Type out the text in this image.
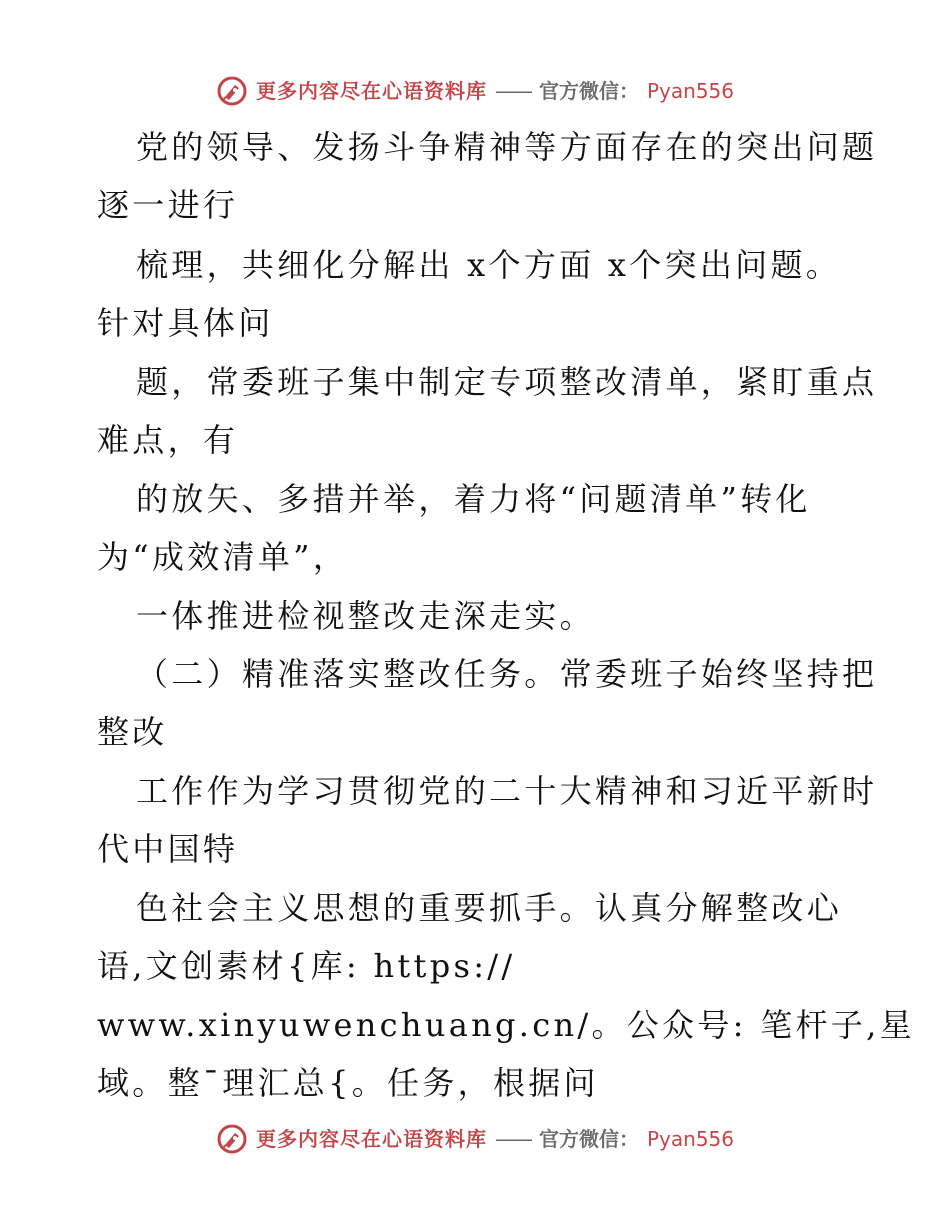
更多内容尽在心语资料库 —— 官方微信： Pyan556
党的领导、发扬斗争精神等方面存在的突出问题
逐一进行
梳理，共细化分解出 x个方面 x个突出问题。
针对具体问
题，常委班子集中制定专项整改清单，紧盯重点
难点，有
的放矢、多措并举，着力将“问题清单”转化
为“成效清单”，
一体推进检视整改走深走实。
（二）精准落实整改任务。常委班子始终坚持把
整改
工作作为学习贯彻党的二十大精神和习近平新时
代中国特
色社会主义思想的重要抓手。认真分解整改心
语,文创素材{库: https://
www.xinyuwenchuang.cn/。公众号: 笔杆子,星
域。整¯理汇总{。任务，根据问
更多内容尽在心语资料库 —— 官方微信： Pyan556
